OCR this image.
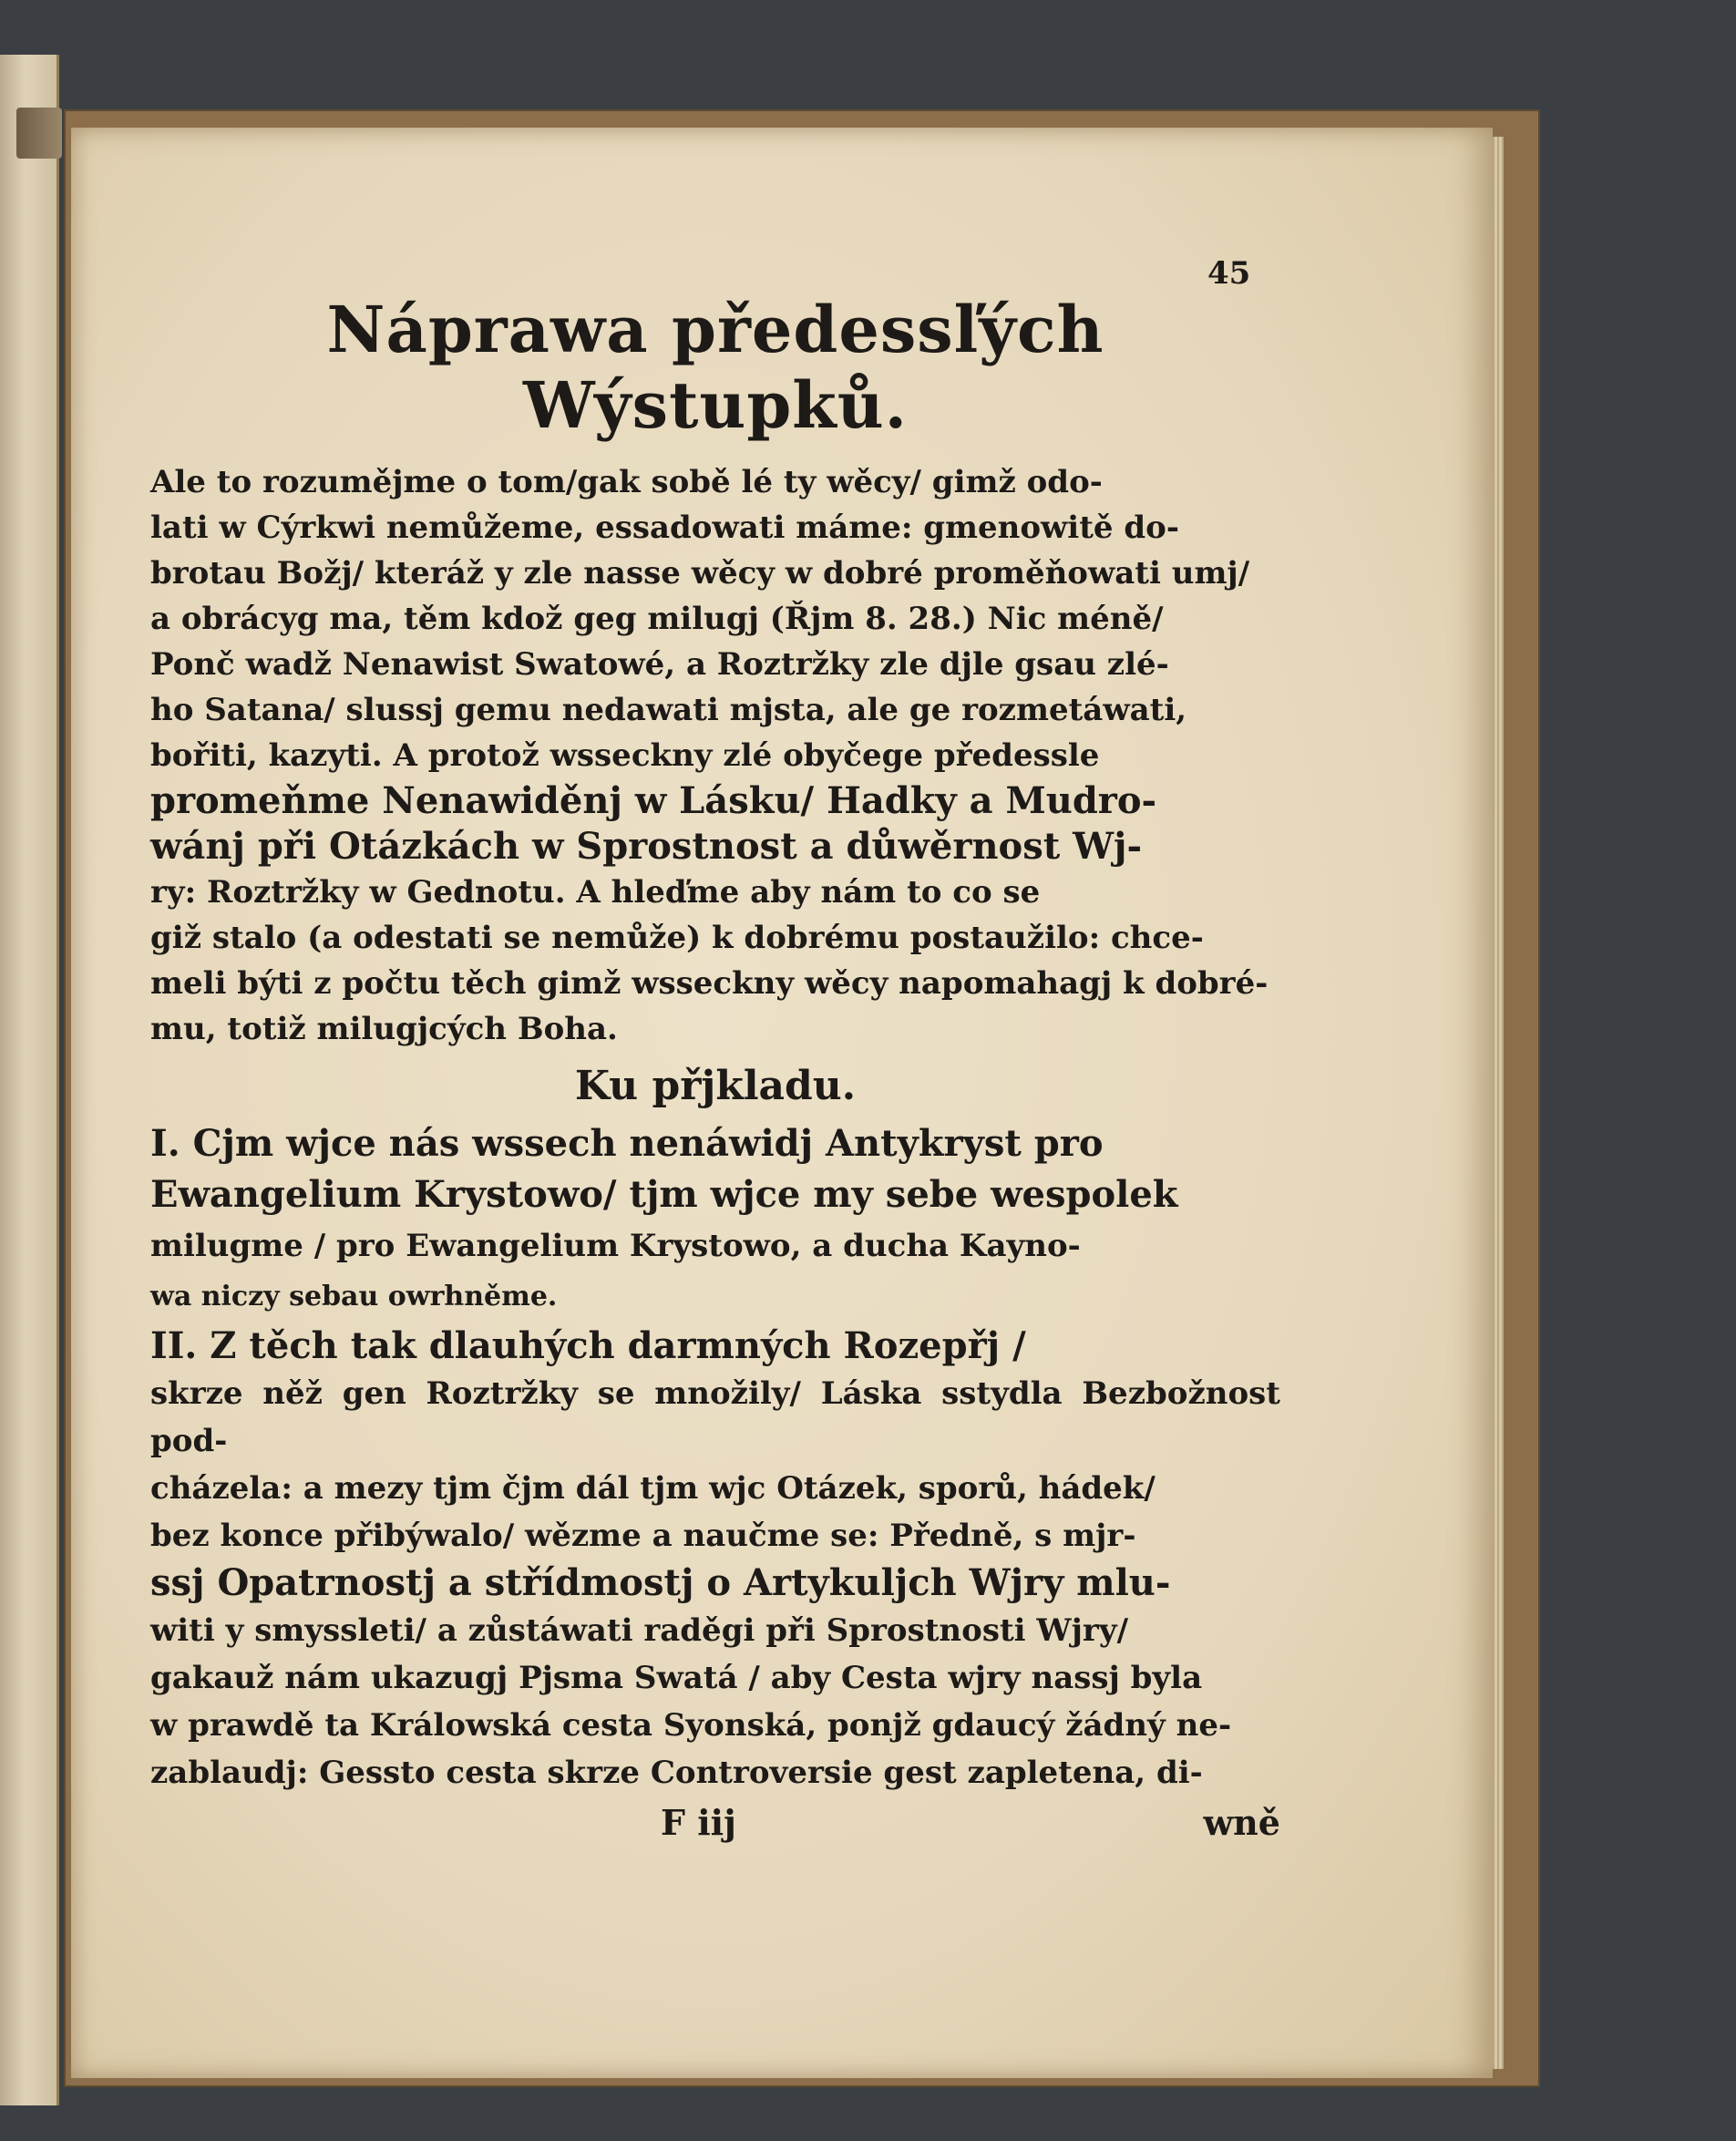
45
Náprawa předessľých Wýstupků.

Ale to rozumějme o tom/gak sobě lé ty wěcy/ gimž odo-

lati w Cýrkwi nemůžeme, essadowati máme: gmenowitě do-

brotau Božj/ kteráž y zle nasse wěcy w dobré proměňowati umj/

a obrácyg ma, těm kdož geg milugj (Řjm 8. 28.) Nic méně/

Ponč wadž Nenawist Swatowé, a Roztržky zle djle gsau zlé-

ho Satana/ slussj gemu nedawati mjsta, ale ge rozmetáwati,

bořiti, kazyti. A protož wsseckny zlé obyčege předessle

promeňme Nenawiděnj w Lásku/ Hadky a Mudro-

wánj při Otázkách w Sprostnost a důwěrnost Wj-

ry: Roztržky w Gednotu. A hleďme aby nám to co se

giž stalo (a odestati se nemůže) k dobrému postaužilo: chce-

meli býti z počtu těch gimž wsseckny wěcy napomahagj k dobré-

mu, totiž milugjcých Boha.

Ku přjkladu.

I. Cjm wjce nás wssech nenáwidj Antykryst pro

Ewangelium Krystowo/ tjm wjce my sebe wespolek

milugme / pro Ewangelium Krystowo, a ducha Kayno-

wa niczy sebau owrhněme.

II. Z těch tak dlauhých darmných Rozepřj /

skrze něž gen Roztržky se množily/ Láska sstydla Bezbožnost pod-

cházela: a mezy tjm čjm dál tjm wjc Otázek, sporů, hádek/

bez konce přibýwalo/ wězme a naučme se: Předně, s mjr-

ssj Opatrnostj a střídmostj o Artykuljch Wjry mlu-

witi y smyssleti/ a zůstáwati raděgi při Sprostnosti Wjry/

gakauž nám ukazugj Pjsma Swatá / aby Cesta wjry nassj byla

w prawdě ta Králowská cesta Syonská, ponjž gdaucý žádný ne-

zablaudj: Gessto cesta skrze Controversie gest zapletena, di-

F iij	wně
